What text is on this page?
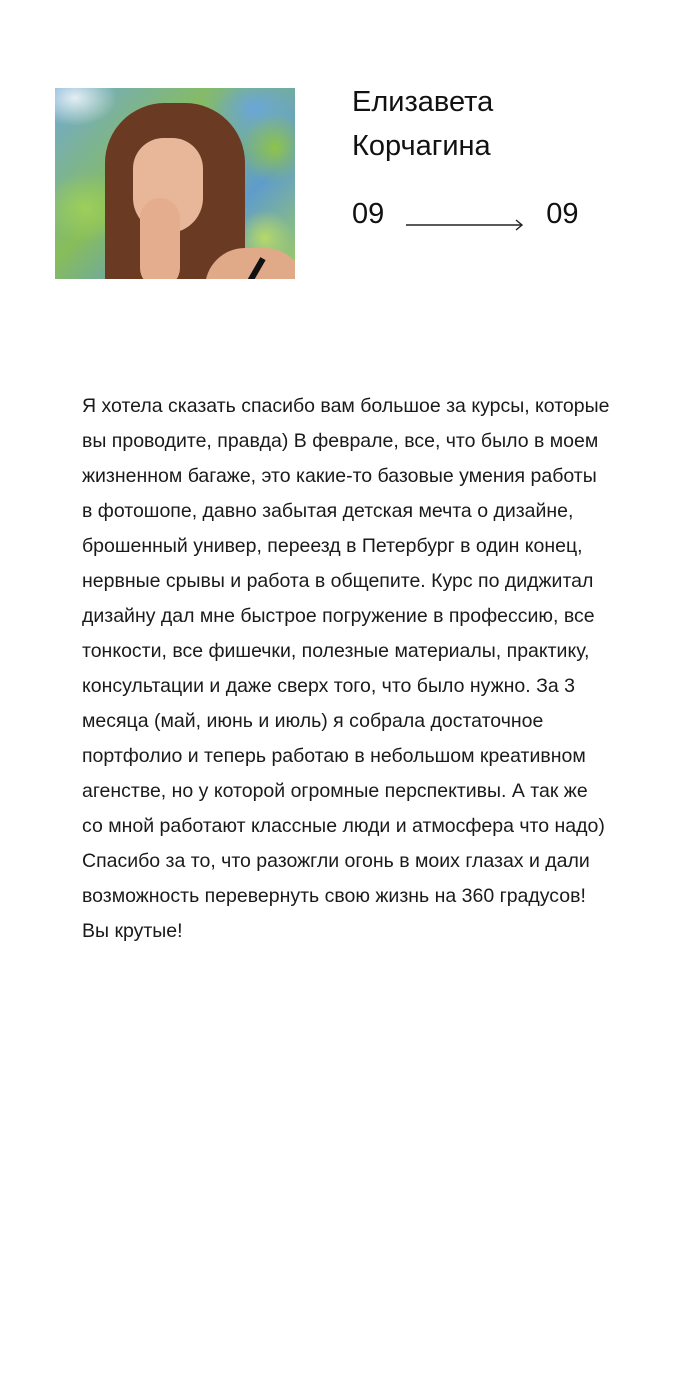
Елизавета
Корчагина
09	09

Я хотела сказать спасибо вам большое за курсы, которые вы проводите, правда) В феврале, все, что было в моем жизненном багаже, это какие-то базовые умения работы в фотошопе, давно забытая детская мечта о дизайне, брошенный универ, переезд в Петербург в один конец, нервные срывы и работа в общепите. Курс по диджитал дизайну дал мне быстрое погружение в профессию, все тонкости, все фишечки, полезные материалы, практику, консультации и даже сверх того, что было нужно. За 3 месяца (май, июнь и июль) я собрала достаточное портфолио и теперь работаю в небольшом креативном агенстве, но у которой огромные перспективы. А так же со мной работают классные люди и атмосфера что надо) Спасибо за то, что разожгли огонь в моих глазах и дали возможность перевернуть свою жизнь на 360 градусов! Вы крутые!
